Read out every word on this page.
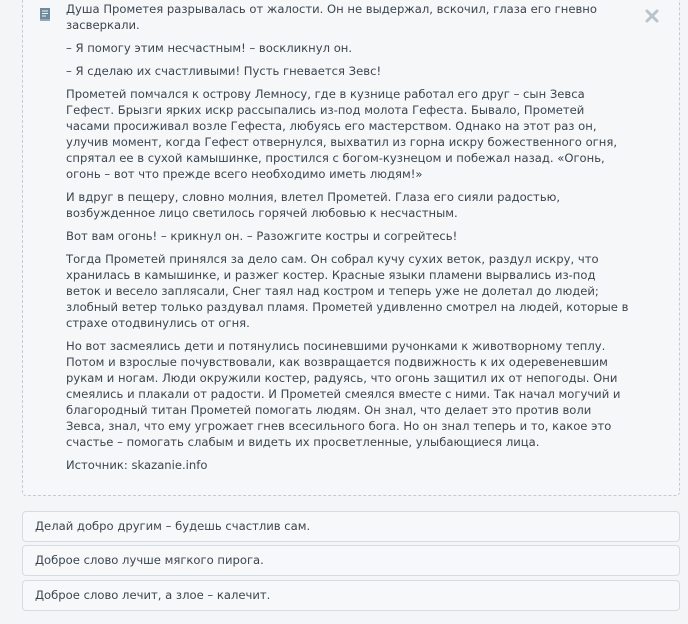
Душа Прометея разрывалась от жалости. Он не выдержал, вскочил, глаза его гневно засверкали.

– Я помогу этим несчастным! – воскликнул он.

– Я сделаю их счастливыми! Пусть гневается Зевс!

Прометей помчался к острову Лемносу, где в кузнице работал его друг – сын Зевса Гефест. Брызги ярких искр рассыпались из-под молота Гефеста. Бывало, Прометей часами просиживал возле Гефеста, любуясь его мастерством. Однако на этот раз он, улучив момент, когда Гефест отвернулся, выхватил из горна искру божественного огня, спрятал ее в сухой камышинке, простился с богом-кузнецом и побежал назад. «Огонь, огонь – вот что прежде всего необходимо иметь людям!»

И вдруг в пещеру, словно молния, влетел Прометей. Глаза его сияли радостью, возбужденное лицо светилось горячей любовью к несчастным.

Вот вам огонь! – крикнул он. – Разожгите костры и согрейтесь!

Тогда Прометей принялся за дело сам. Он собрал кучу сухих веток, раздул искру, что хранилась в камышинке, и разжег костер. Красные языки пламени вырвались из-под веток и весело заплясали, Снег таял над костром и теперь уже не долетал до людей; злобный ветер только раздувал пламя. Прометей удивленно смотрел на людей, которые в страхе отодвинулись от огня.

Но вот засмеялись дети и потянулись посиневшими ручонками к животворному теплу. Потом и взрослые почувствовали, как возвращается подвижность к их одеревеневшим рукам и ногам. Люди окружили костер, радуясь, что огонь защитил их от непогоды. Они смеялись и плакали от радости. И Прометей смеялся вместе с ними. Так начал могучий и благородный титан Прометей помогать людям. Он знал, что делает это против воли Зевса, знал, что ему угрожает гнев всесильного бога. Но он знал теперь и то, какое это счастье – помогать слабым и видеть их просветленные, улыбающиеся лица.

Источник: skazanie.info

Делай добро другим – будешь счастлив сам.
Доброе слово лучше мягкого пирога.
Доброе слово лечит, а злое – калечит.
